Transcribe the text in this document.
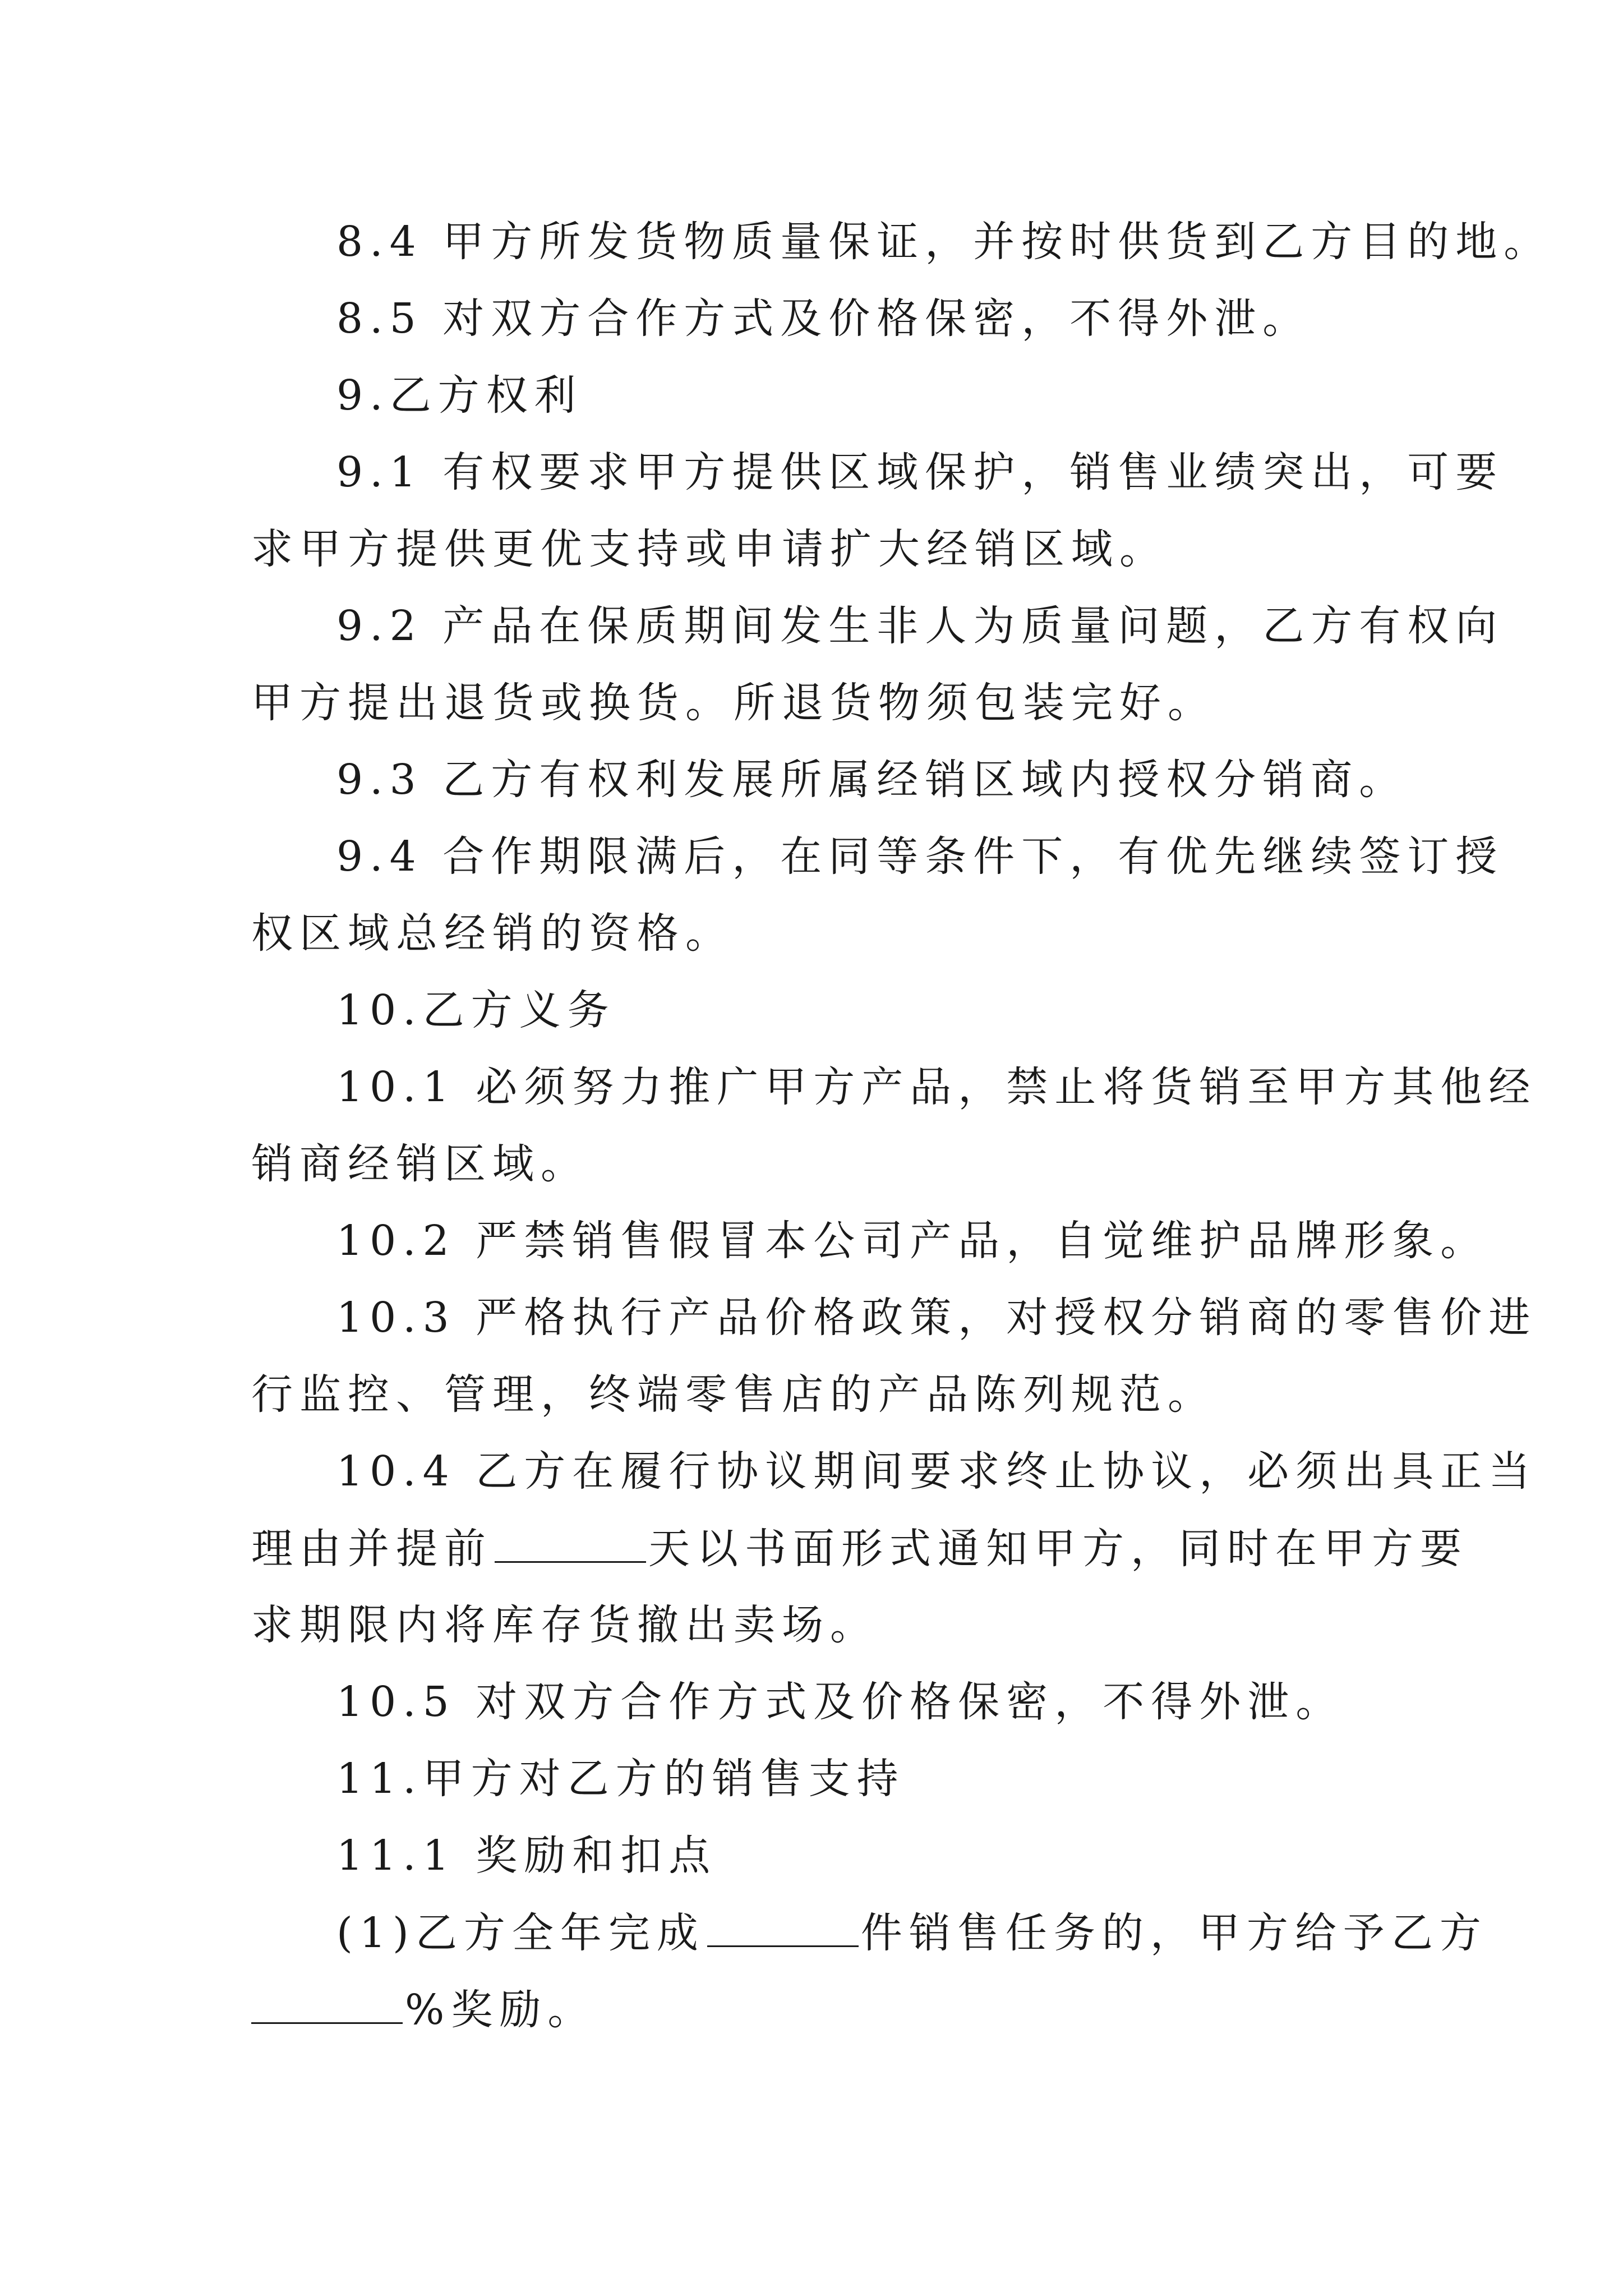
8.4 甲方所发货物质量保证，并按时供货到乙方目的地。
8.5 对双方合作方式及价格保密，不得外泄。
9.乙方权利
9.1 有权要求甲方提供区域保护，销售业绩突出，可要
求甲方提供更优支持或申请扩大经销区域。
9.2 产品在保质期间发生非人为质量问题，乙方有权向
甲方提出退货或换货。所退货物须包装完好。
9.3 乙方有权利发展所属经销区域内授权分销商。
9.4 合作期限满后，在同等条件下，有优先继续签订授
权区域总经销的资格。
10.乙方义务
10.1 必须努力推广甲方产品，禁止将货销至甲方其他经
销商经销区域。
10.2 严禁销售假冒本公司产品，自觉维护品牌形象。
10.3 严格执行产品价格政策，对授权分销商的零售价进
行监控、管理，终端零售店的产品陈列规范。
10.4 乙方在履行协议期间要求终止协议，必须出具正当
理由并提前	天以书面形式通知甲方，同时在甲方要
求期限内将库存货撤出卖场。
10.5 对双方合作方式及价格保密，不得外泄。
11.甲方对乙方的销售支持
11.1 奖励和扣点
(1)乙方全年完成	件销售任务的，甲方给予乙方
%奖励。
